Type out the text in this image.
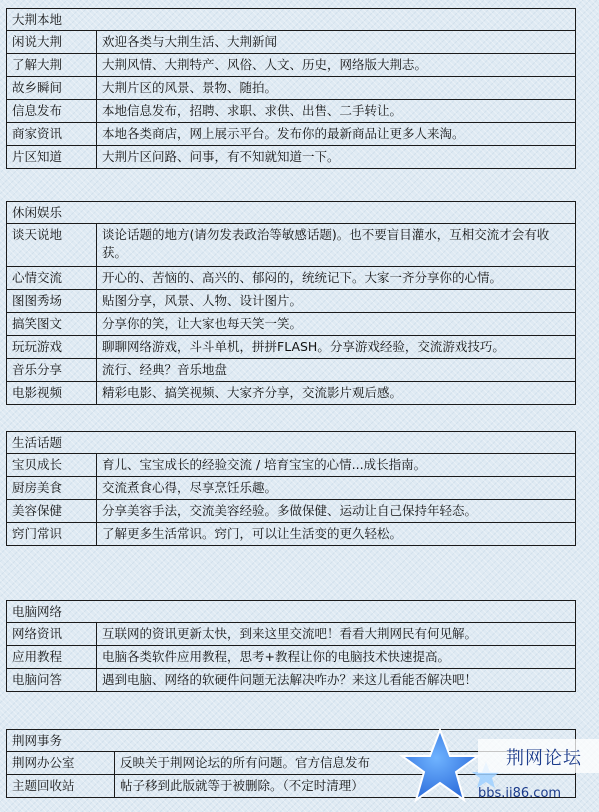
大荆本地	
闲说大荆	欢迎各类与大荆生活、大荆新闻
了解大荆	大荆风情、大荆特产、风俗、人文、历史，网络版大荆志。
故乡瞬间	大荆片区的风景、景物、随拍。
信息发布	本地信息发布，招聘、求职、求供、出售、二手转让。
商家资讯	本地各类商店，网上展示平台。发布你的最新商品让更多人来淘。
片区知道	大荆片区问路、问事，有不知就知道一下。
休闲娱乐	
谈天说地	谈论话题的地方(请勿发表政治等敏感话题)。也不要盲目灌水，互相交流才会有收获。
心情交流	开心的、苦恼的、高兴的、郁闷的，统统记下。大家一齐分享你的心情。
图图秀场	贴图分享，风景、人物、设计图片。
搞笑图文	分享你的笑，让大家也每天笑一笑。
玩玩游戏	聊聊网络游戏，斗斗单机，拼拼FLASH。分享游戏经验，交流游戏技巧。
音乐分享	流行、经典？音乐地盘
电影视频	精彩电影、搞笑视频、大家齐分享，交流影片观后感。
生活话题	
宝贝成长	育儿、宝宝成长的经验交流 / 培育宝宝的心情...成长指南。
厨房美食	交流煮食心得，尽享烹饪乐趣。
美容保健	分享美容手法，交流美容经验。多做保健、运动让自己保持年轻态。
窍门常识	了解更多生活常识。窍门，可以让生活变的更久轻松。
电脑网络	
网络资讯	互联网的资讯更新太快，到来这里交流吧！看看大荆网民有何见解。
应用教程	电脑各类软件应用教程，思考+教程让你的电脑技术快速提高。
电脑问答	遇到电脑、网络的软硬件问题无法解决咋办？来这儿看能否解决吧！
荆网事务	
荆网办公室	反映关于荆网论坛的所有问题。官方信息发布
主题回收站	帖子移到此版就等于被删除。（不定时清理）
荆网论坛
bbs.ii86.com
